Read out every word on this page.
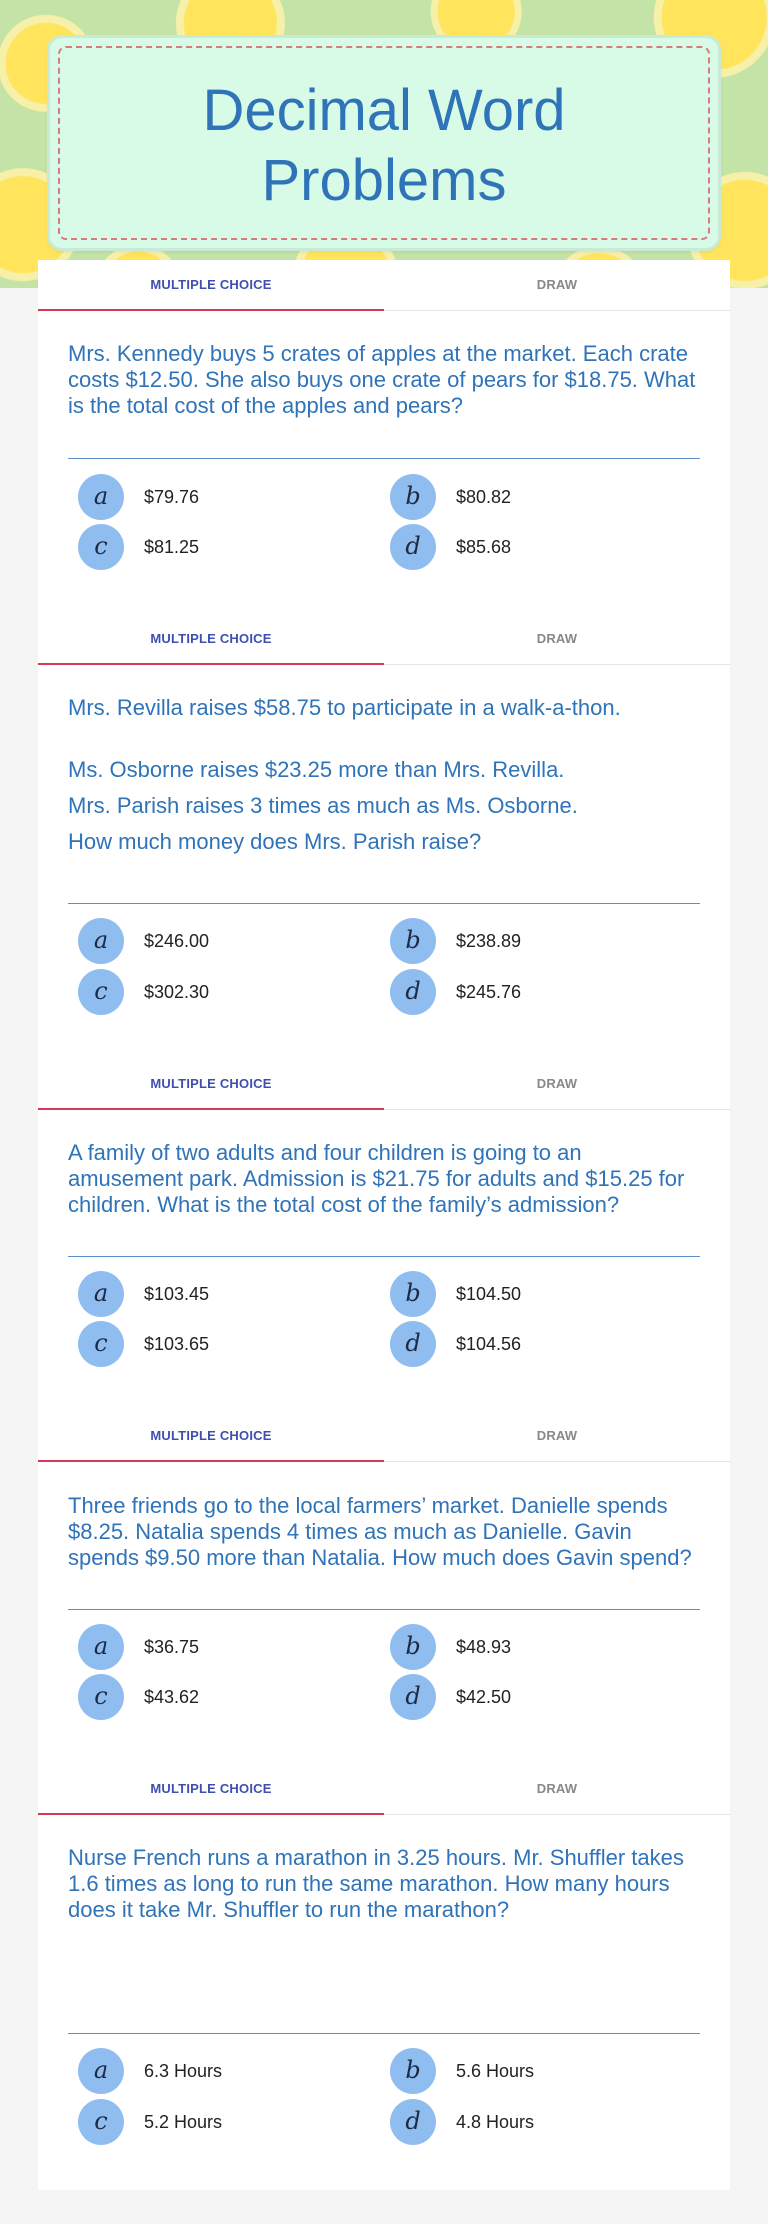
Decimal Word Problems
MULTIPLE CHOICE	DRAW

Mrs. Kennedy buys 5 crates of apples at the market. Each crate costs $12.50. She also buys one crate of pears for $18.75. What is the total cost of the apples and pears?

a	$79.76	b	$80.82
c	$81.25	d	$85.68
MULTIPLE CHOICE	DRAW

Mrs. Revilla raises $58.75 to participate in a walk-a-thon.

Ms. Osborne raises $23.25 more than Mrs. Revilla.

Mrs. Parish raises 3 times as much as Ms. Osborne.

How much money does Mrs. Parish raise?

a	$246.00	b	$238.89
c	$302.30	d	$245.76
MULTIPLE CHOICE	DRAW

A family of two adults and four children is going to an amusement park. Admission is $21.75 for adults and $15.25 for children. What is the total cost of the family’s admission?

a	$103.45	b	$104.50
c	$103.65	d	$104.56
MULTIPLE CHOICE	DRAW

Three friends go to the local farmers’ market. Danielle spends $8.25. Natalia spends 4 times as much as Danielle. Gavin spends $9.50 more than Natalia. How much does Gavin spend?

a	$36.75	b	$48.93
c	$43.62	d	$42.50
MULTIPLE CHOICE	DRAW

Nurse French runs a marathon in 3.25 hours. Mr. Shuffler takes 1.6 times as long to run the same marathon. How many hours does it take Mr. Shuffler to run the marathon?

a	6.3 Hours	b	5.6 Hours
c	5.2 Hours	d	4.8 Hours
